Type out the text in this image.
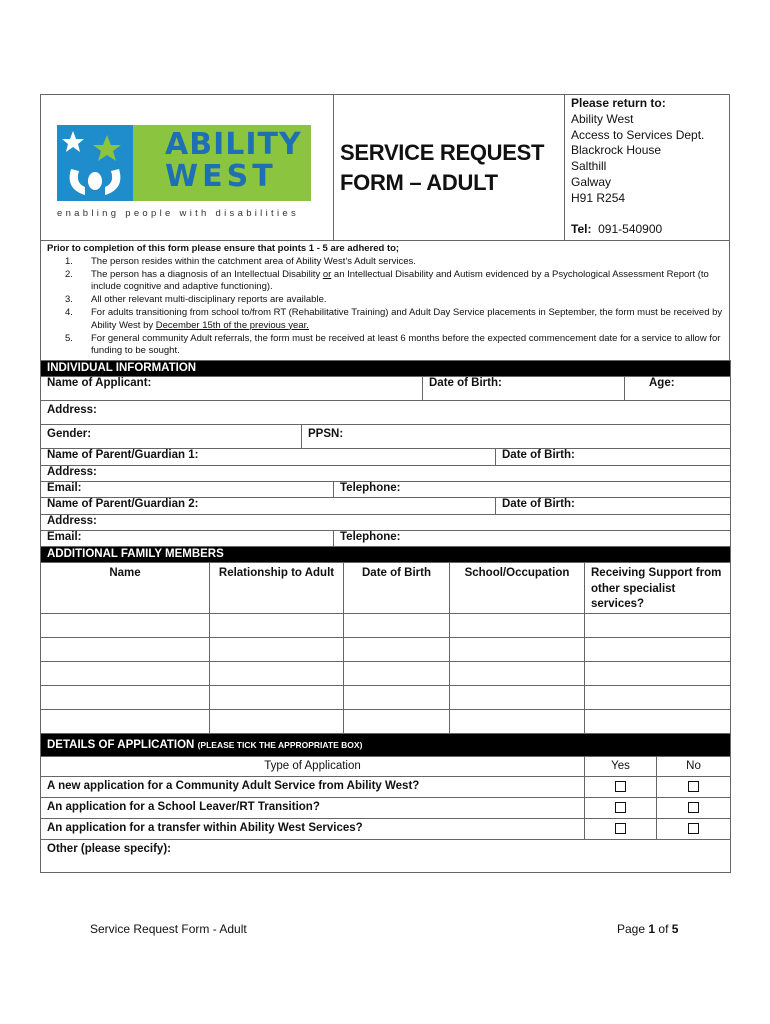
ABILITY
WEST
enabling people with disabilities

SERVICE REQUEST
FORM – ADULT

Please return to:
Ability West
Access to Services Dept.
Blackrock House
Salthill
Galway
H91 R254
Tel: 091-540900
Prior to completion of this form please ensure that points 1 - 5 are adhered to;
1. The person resides within the catchment area of Ability West’s Adult services.
2. The person has a diagnosis of an Intellectual Disability or an Intellectual Disability and Autism evidenced by a Psychological Assessment Report (to include cognitive and adaptive functioning).
3. All other relevant multi-disciplinary reports are available.
4. For adults transitioning from school to/from RT (Rehabilitative Training) and Adult Day Service placements in September, the form must be received by Ability West by December 15th of the previous year.
5. For general community Adult referrals, the form must be received at least 6 months before the expected commencement date for a service to allow for funding to be sought.
INDIVIDUAL INFORMATION					
Name of Applicant:			Date of Birth:		Age:

Address:					

Gender:	PPSN:				

Name of Parent/Guardian 1:				Date of Birth:	
Address:					
Email:		Telephone:			
Name of Parent/Guardian 2:				Date of Birth:	
Address:					
Email:		Telephone:			
ADDITIONAL FAMILY MEMBERS				
Name	Relationship to Adult	Date of Birth	School/Occupation	Receiving Support from other specialist services?

DETAILS OF APPLICATION (PLEASE TICK THE APPROPRIATE BOX)		
Type of Application	Yes	No
A new application for a Community Adult Service from Ability West?		
An application for a School Leaver/RT Transition?		
An application for a transfer within Ability West Services?		

Other (please specify):		
Service Request Form - Adult	Page 1 of 5
